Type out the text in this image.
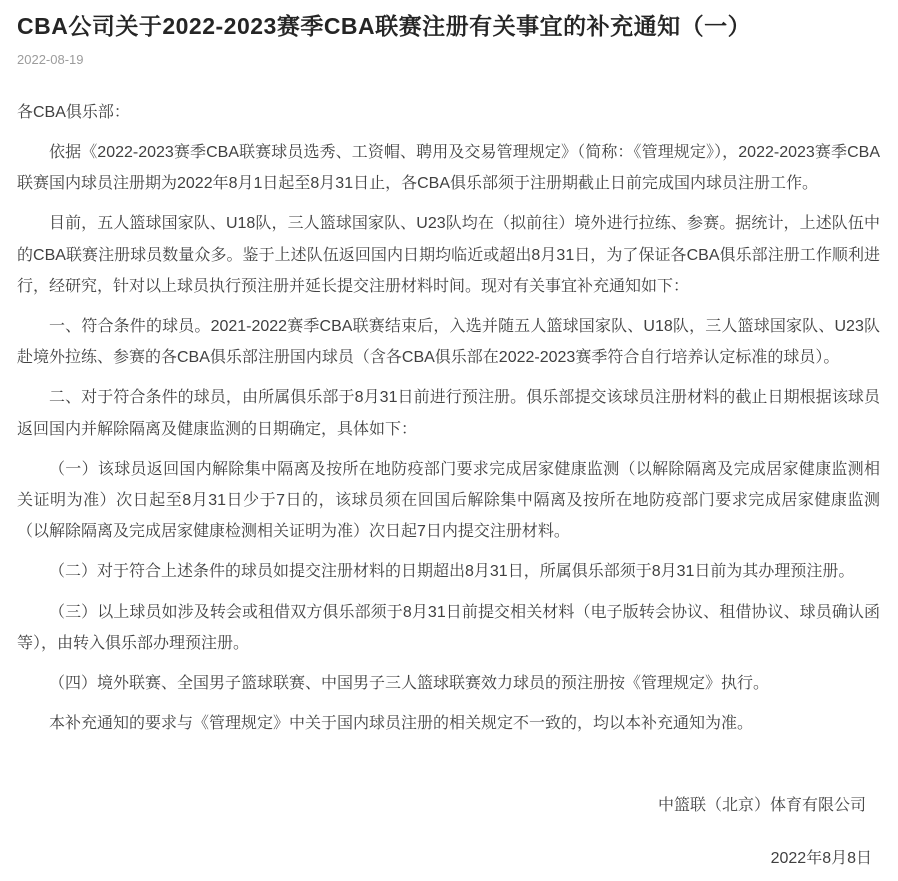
CBA公司关于2022-2023赛季CBA联赛注册有关事宜的补充通知（一）
2022-08-19

各CBA俱乐部：

依据《2022-2023赛季CBA联赛球员选秀、工资帽、聘用及交易管理规定》（简称：《管理规定》），2022-2023赛季CBA联赛国内球员注册期为2022年8月1日起至8月31日止，各CBA俱乐部须于注册期截止日前完成国内球员注册工作。

目前，五人篮球国家队、U18队，三人篮球国家队、U23队均在（拟前往）境外进行拉练、参赛。据统计，上述队伍中的CBA联赛注册球员数量众多。鉴于上述队伍返回国内日期均临近或超出8月31日，为了保证各CBA俱乐部注册工作顺利进行，经研究，针对以上球员执行预注册并延长提交注册材料时间。现对有关事宜补充通知如下：

一、符合条件的球员。2021-2022赛季CBA联赛结束后，入选并随五人篮球国家队、U18队，三人篮球国家队、U23队赴境外拉练、参赛的各CBA俱乐部注册国内球员（含各CBA俱乐部在2022-2023赛季符合自行培养认定标准的球员）。

二、对于符合条件的球员，由所属俱乐部于8月31日前进行预注册。俱乐部提交该球员注册材料的截止日期根据该球员返回国内并解除隔离及健康监测的日期确定，具体如下：

（一）该球员返回国内解除集中隔离及按所在地防疫部门要求完成居家健康监测（以解除隔离及完成居家健康监测相关证明为准）次日起至8月31日少于7日的，该球员须在回国后解除集中隔离及按所在地防疫部门要求完成居家健康监测（以解除隔离及完成居家健康检测相关证明为准）次日起7日内提交注册材料。

（二）对于符合上述条件的球员如提交注册材料的日期超出8月31日，所属俱乐部须于8月31日前为其办理预注册。

（三）以上球员如涉及转会或租借双方俱乐部须于8月31日前提交相关材料（电子版转会协议、租借协议、球员确认函等），由转入俱乐部办理预注册。

（四）境外联赛、全国男子篮球联赛、中国男子三人篮球联赛效力球员的预注册按《管理规定》执行。

本补充通知的要求与《管理规定》中关于国内球员注册的相关规定不一致的，均以本补充通知为准。

中篮联（北京）体育有限公司
2022年8月8日
